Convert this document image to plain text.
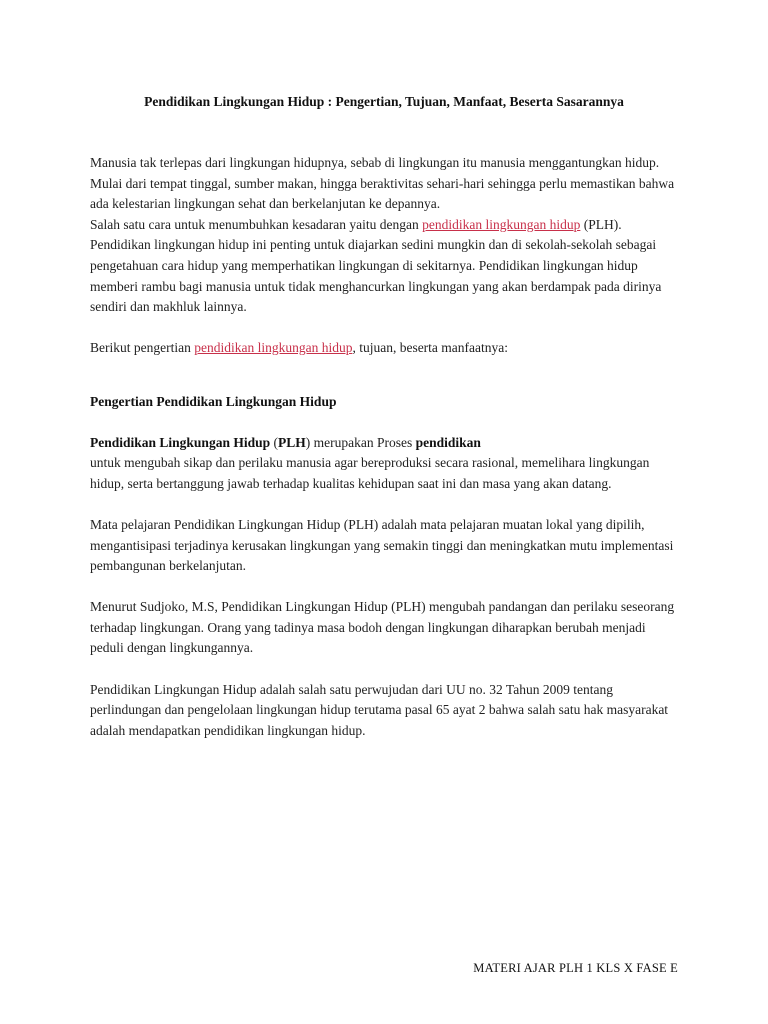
Pendidikan Lingkungan Hidup : Pengertian, Tujuan, Manfaat, Beserta Sasarannya

Manusia tak terlepas dari lingkungan hidupnya, sebab di lingkungan itu manusia menggantungkan hidup. Mulai dari tempat tinggal, sumber makan, hingga beraktivitas sehari-hari sehingga perlu memastikan bahwa ada kelestarian lingkungan sehat dan berkelanjutan ke depannya.

Salah satu cara untuk menumbuhkan kesadaran yaitu dengan pendidikan lingkungan hidup (PLH). Pendidikan lingkungan hidup ini penting untuk diajarkan sedini mungkin dan di sekolah-sekolah sebagai pengetahuan cara hidup yang memperhatikan lingkungan di sekitarnya. Pendidikan lingkungan hidup memberi rambu bagi manusia untuk tidak menghancurkan lingkungan yang akan berdampak pada dirinya sendiri dan makhluk lainnya.

Berikut pengertian pendidikan lingkungan hidup, tujuan, beserta manfaatnya:

Pengertian Pendidikan Lingkungan Hidup

Pendidikan Lingkungan Hidup (PLH) merupakan Proses pendidikan

untuk mengubah sikap dan perilaku manusia agar bereproduksi secara rasional, memelihara lingkungan hidup, serta bertanggung jawab terhadap kualitas kehidupan saat ini dan masa yang akan datang.

Mata pelajaran Pendidikan Lingkungan Hidup (PLH) adalah mata pelajaran muatan lokal yang dipilih, mengantisipasi terjadinya kerusakan lingkungan yang semakin tinggi dan meningkatkan mutu implementasi pembangunan berkelanjutan.

Menurut Sudjoko, M.S, Pendidikan Lingkungan Hidup (PLH) mengubah pandangan dan perilaku seseorang terhadap lingkungan. Orang yang tadinya masa bodoh dengan lingkungan diharapkan berubah menjadi peduli dengan lingkungannya.

Pendidikan Lingkungan Hidup adalah salah satu perwujudan dari UU no. 32 Tahun 2009 tentang perlindungan dan pengelolaan lingkungan hidup terutama pasal 65 ayat 2 bahwa salah satu hak masyarakat adalah mendapatkan pendidikan lingkungan hidup.

MATERI AJAR PLH 1 KLS X FASE E
